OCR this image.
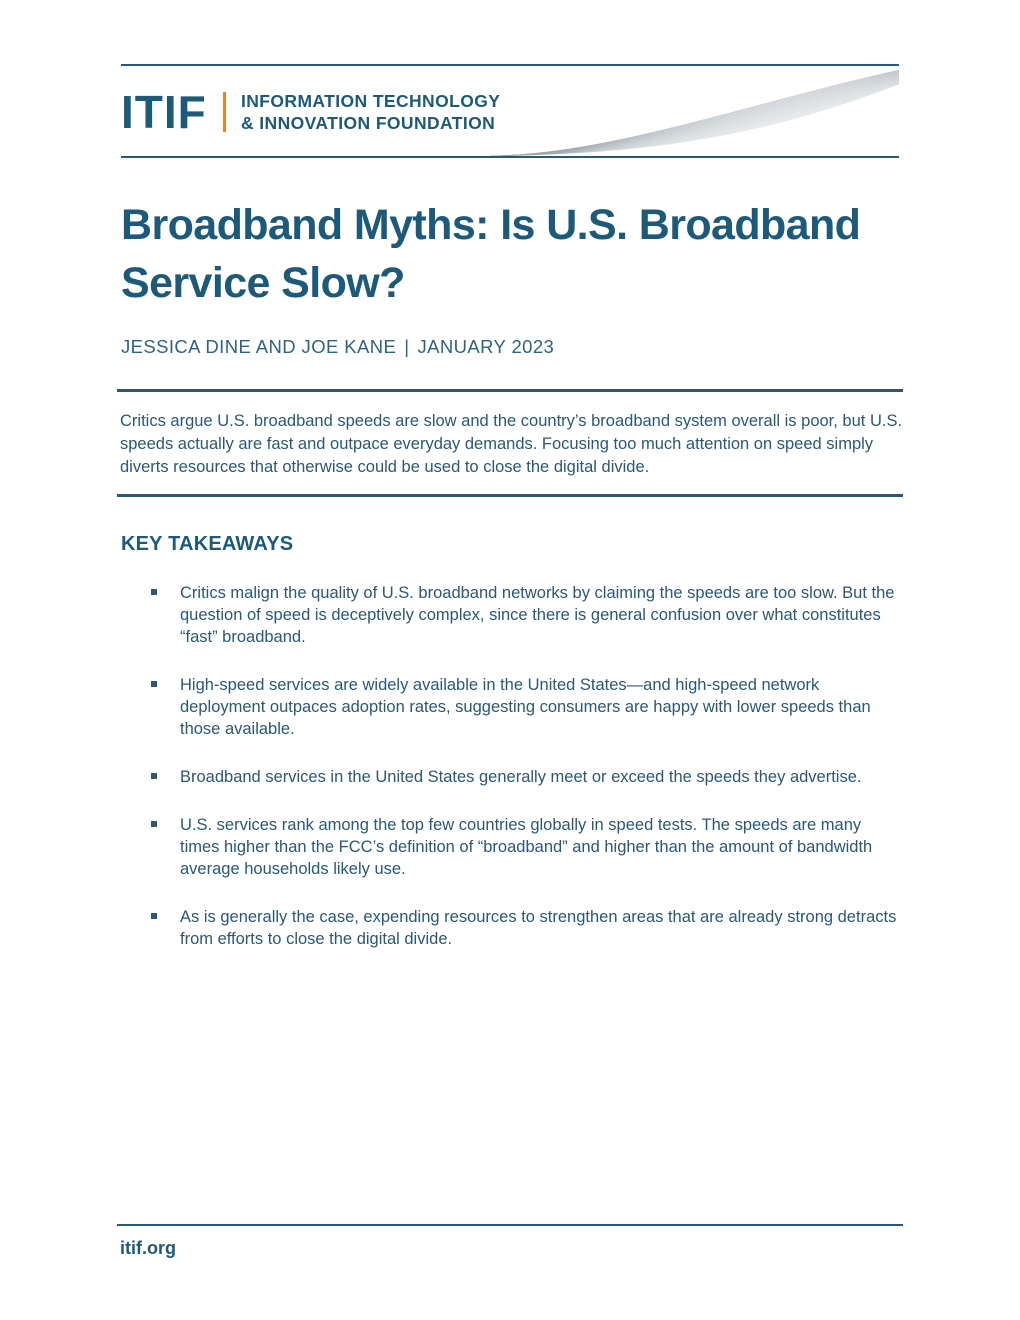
ITIF INFORMATION TECHNOLOGY
& INNOVATION FOUNDATION
Broadband Myths: Is U.S. Broadband Service Slow?
JESSICA DINE AND JOE KANE | JANUARY 2023

Critics argue U.S. broadband speeds are slow and the country’s broadband system overall is poor, but U.S. speeds actually are fast and outpace everyday demands. Focusing too much attention on speed simply diverts resources that otherwise could be used to close the digital divide.

KEY TAKEAWAYS
Critics malign the quality of U.S. broadband networks by claiming the speeds are too slow. But the question of speed is deceptively complex, since there is general confusion over what constitutes “fast” broadband.
High-speed services are widely available in the United States—and high-speed network deployment outpaces adoption rates, suggesting consumers are happy with lower speeds than those available.
Broadband services in the United States generally meet or exceed the speeds they advertise.
U.S. services rank among the top few countries globally in speed tests. The speeds are many times higher than the FCC’s definition of “broadband” and higher than the amount of bandwidth average households likely use.
As is generally the case, expending resources to strengthen areas that are already strong detracts from efforts to close the digital divide.
itif.org
